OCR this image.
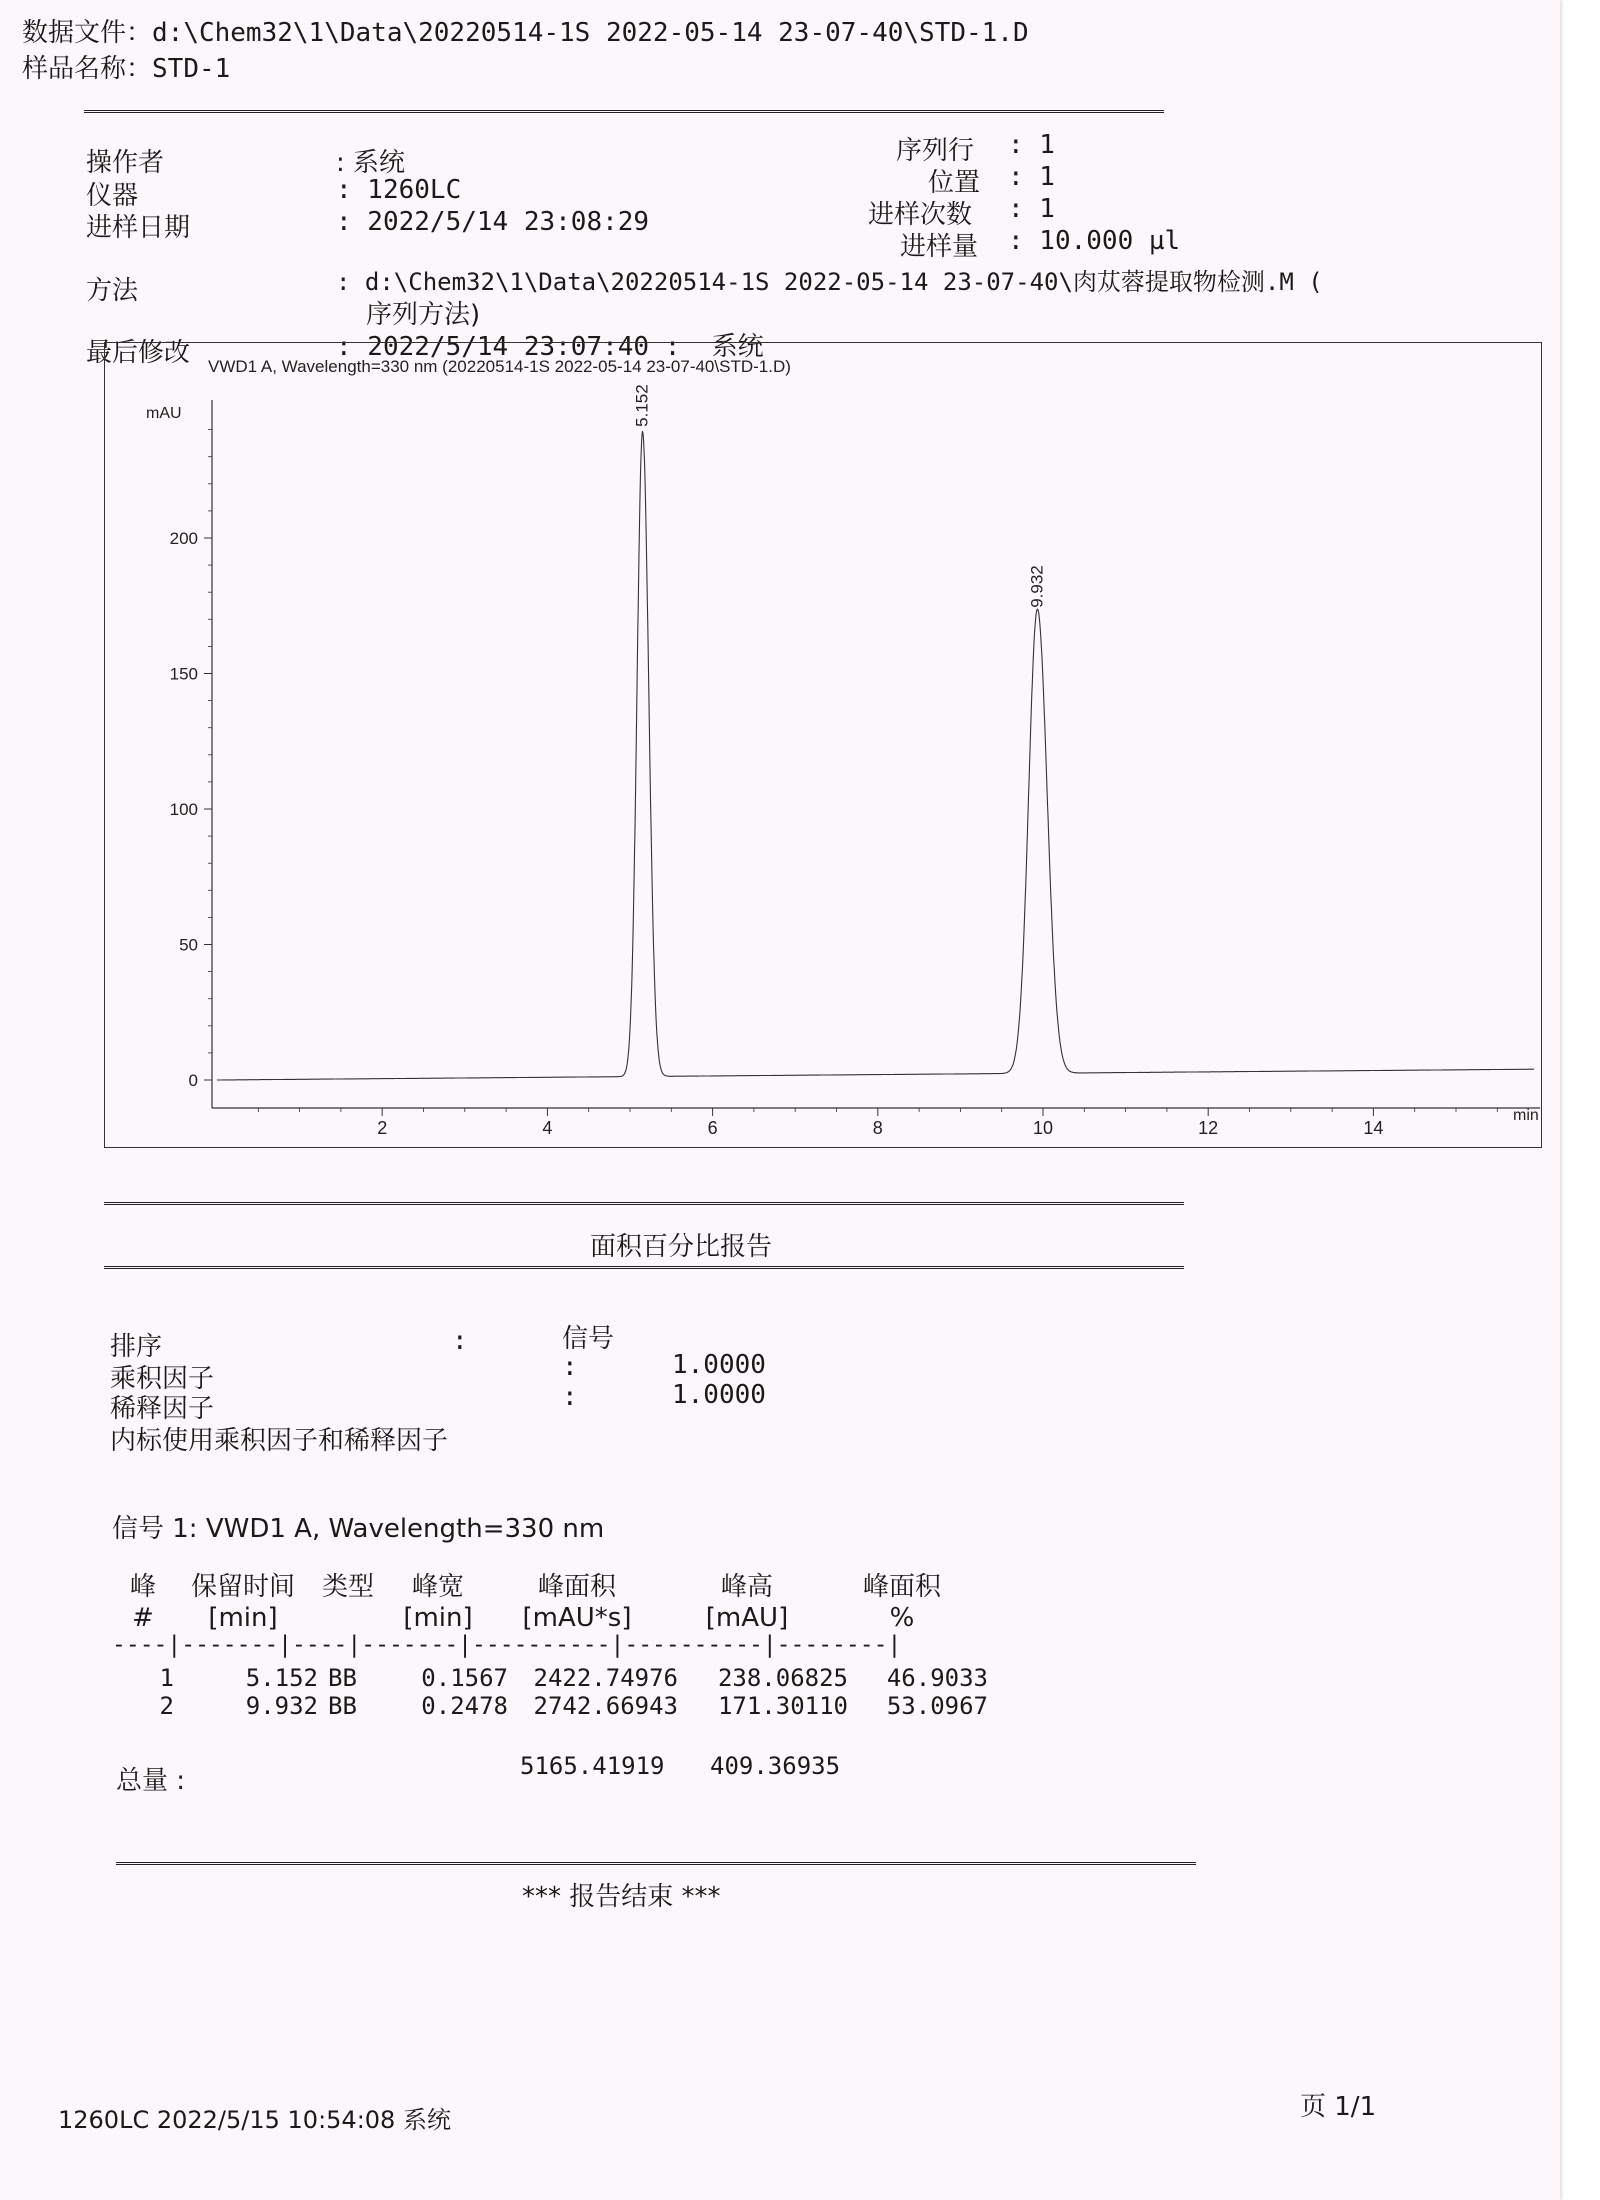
数据文件：d:\Chem32\1\Data\20220514-1S 2022-05-14 23-07-40\STD-1.D
样品名称：STD-1
操作者	: 系统
仪器	: 1260LC
进样日期	: 2022/5/14 23:08:29
序列行 : 1
位置 : 1
进样次数 : 1
进样量 : 10.000 µl
方法	: d:\Chem32\1\Data\20220514-1S 2022-05-14 23-07-40\肉苁蓉提取物检测.M (
序列方法)
最后修改	: 2022/5/14 23:07:40 :  系统
VWD1 A, Wavelength=330 nm (20220514-1S 2022-05-14 23-07-40\STD-1.D)
mAU
min
0
50
100
150
200
2	4	6	8	10	12	14
5.152
9.932
面积百分比报告
排序	:	信号
乘积因子	:	1.0000
稀释因子	:	1.0000
内标使用乘积因子和稀释因子
信号 1: VWD1 A, Wavelength=330 nm
峰	保留时间	类型	峰宽	峰面积	峰高	峰面积
#	[min]		[min]	[mAU*s]	[mAU]	%
----|-------|----|-------|----------|----------|--------|
1	5.152	BB	0.1567	2422.74976	238.06825	46.9033
2	9.932	BB	0.2478	2742.66943	171.30110	53.0967
总量 :	5165.41919 409.36935
*** 报告结束 ***
1260LC 2022/5/15 10:54:08 系统	页 1/1
